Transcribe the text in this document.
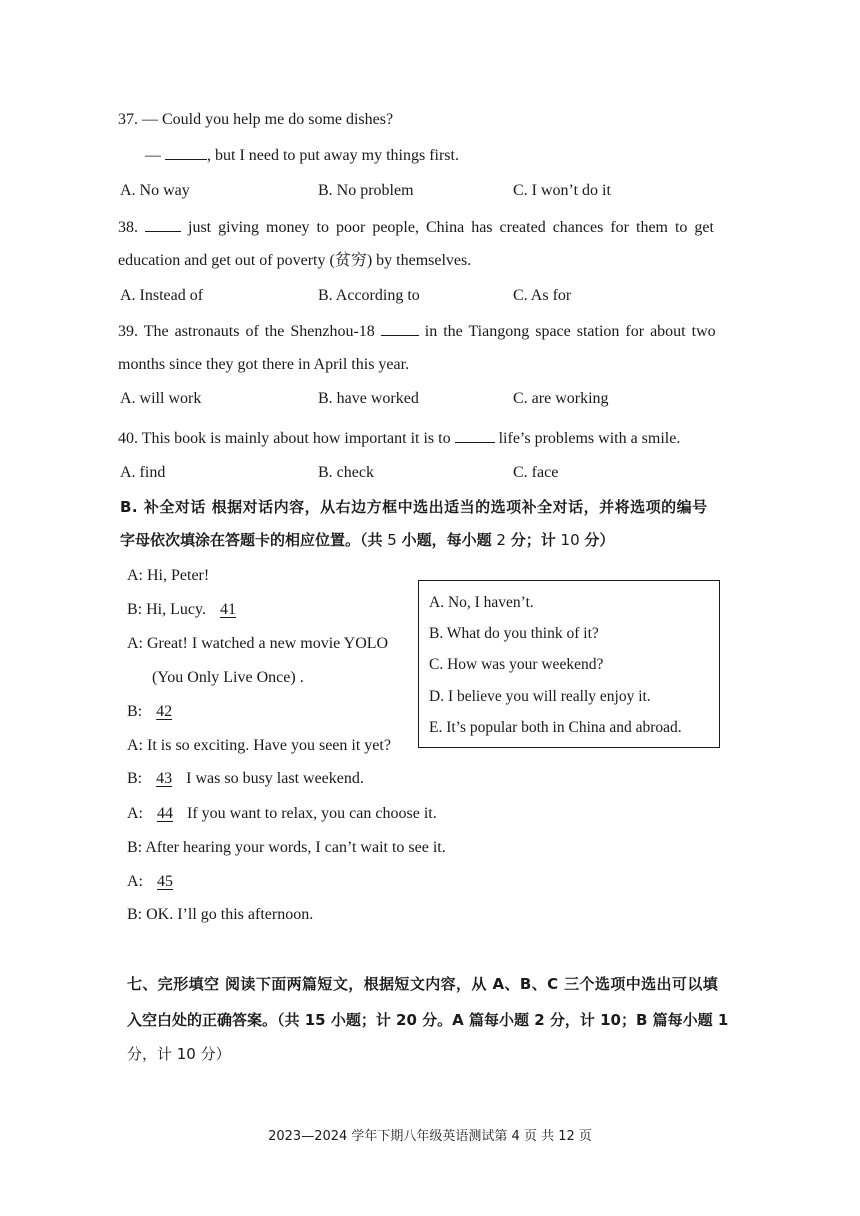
37. — Could you help me do some dishes?
—	, but I need to put away my things first.
A. No way	B. No problem	C. I won’t do it
38.	just giving money to poor people, China has created chances for them to get
education and get out of poverty (贫穷) by themselves.
A. Instead of	B. According to	C. As for
39. The astronauts of the Shenzhou-18	in the Tiangong space station for about two
months since they got there in April this year.
A. will work	B. have worked	C. are working
40. This book is mainly about how important it is to	life’s problems with a smile.
A. find	B. check	C. face
B. 补全对话 根据对话内容，从右边方框中选出适当的选项补全对话，并将选项的编号
字母依次填涂在答题卡的相应位置。（共 5 小题，每小题 2 分；计 10 分）
A: Hi, Peter!
B: Hi, Lucy. 41
A: Great! I watched a new movie YOLO
(You Only Live Once) .
B: 42
A: It is so exciting. Have you seen it yet?
B: 43 I was so busy last weekend.
A: 44 If you want to relax, you can choose it.
B: After hearing your words, I can’t wait to see it.
A: 45
B: OK. I’ll go this afternoon.
A. No, I haven’t.
B. What do you think of it?
C. How was your weekend?
D. I believe you will really enjoy it.
E. It’s popular both in China and abroad.
七、完形填空 阅读下面两篇短文，根据短文内容，从 A、B、C 三个选项中选出可以填
入空白处的正确答案。（共 15 小题；计 20 分。A 篇每小题 2 分，计 10；B 篇每小题 1
分，计 10 分）
2023—2024 学年下期八年级英语测试第 4 页 共 12 页
